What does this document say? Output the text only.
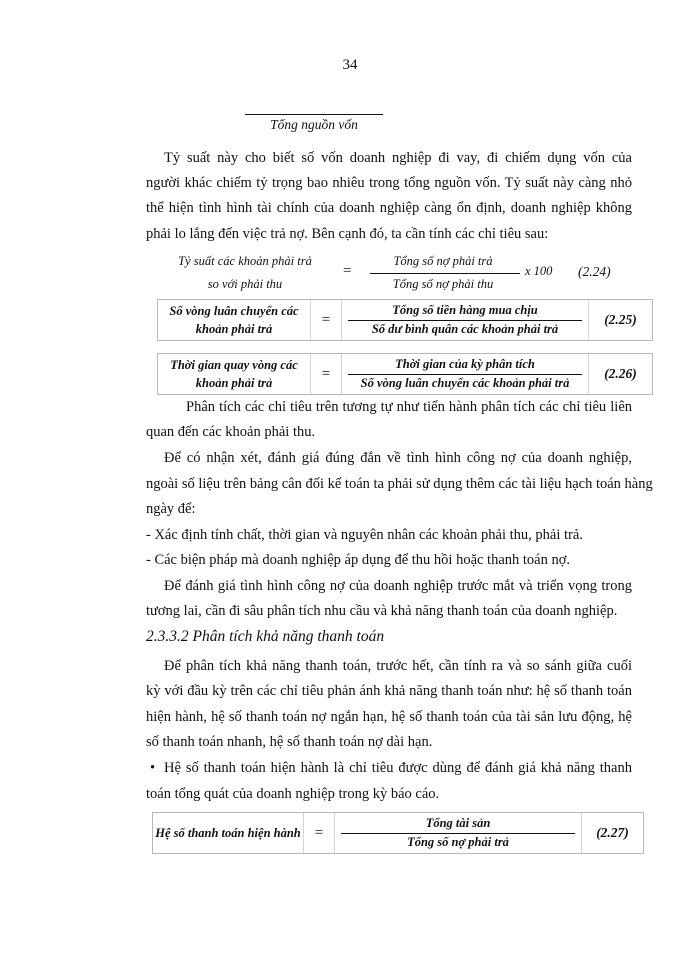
34
Tổng nguồn vốn
Tỷ suất này cho biết số vốn doanh nghiệp đi vay, đi chiếm dụng vốn của
người khác chiếm tỷ trọng bao nhiêu trong tổng nguồn vốn. Tỷ suất này càng nhỏ
thể hiện tình hình tài chính của doanh nghiệp càng ổn định, doanh nghiệp không
phải lo lắng đến việc trả nợ. Bên cạnh đó, ta cần tính các chỉ tiêu sau:
Tỷ suất các khoản phải trả
so với phải thu
=
Tổng số nợ phải trả
Tổng số nợ phải thu
x 100 (2.24)
Số vòng luân chuyển các khoản phải trả
=
Tổng số tiền hàng mua chịu
Số dư bình quân các khoản phải trả
(2.25)
Thời gian quay vòng các khoản phải trả
=
Thời gian của kỳ phân tích
Số vòng luân chuyển các khoản phải trả
(2.26)
Phân tích các chỉ tiêu trên tương tự như tiến hành phân tích các chỉ tiêu liên
quan đến các khoản phải thu.
Để có nhận xét, đánh giá đúng đắn về tình hình công nợ của doanh nghiệp,
ngoài số liệu trên bảng cân đối kế toán ta phải sử dụng thêm các tài liệu hạch toán hàng
ngày để:
- Xác định tính chất, thời gian và nguyên nhân các khoản phải thu, phải trả.
- Các biện pháp mà doanh nghiệp áp dụng để thu hồi hoặc thanh toán nợ.
Để đánh giá tình hình công nợ của doanh nghiệp trước mắt và triển vọng trong
tương lai, cần đi sâu phân tích nhu cầu và khả năng thanh toán của doanh nghiệp.
2.3.3.2 Phân tích khả năng thanh toán
Để phân tích khả năng thanh toán, trước hết, cần tính ra và so sánh giữa cuối
kỳ với đầu kỳ trên các chỉ tiêu phản ánh khả năng thanh toán như: hệ số thanh toán
hiện hành, hệ số thanh toán nợ ngắn hạn, hệ số thanh toán của tài sản lưu động, hệ
số thanh toán nhanh, hệ số thanh toán nợ dài hạn.
• Hệ số thanh toán hiện hành là chỉ tiêu được dùng để đánh giá khả năng thanh
toán tổng quát của doanh nghiệp trong kỳ báo cáo.
Hệ số thanh toán hiện hành =
Tổng tài sản
Tổng số nợ phải trả
(2.27)
